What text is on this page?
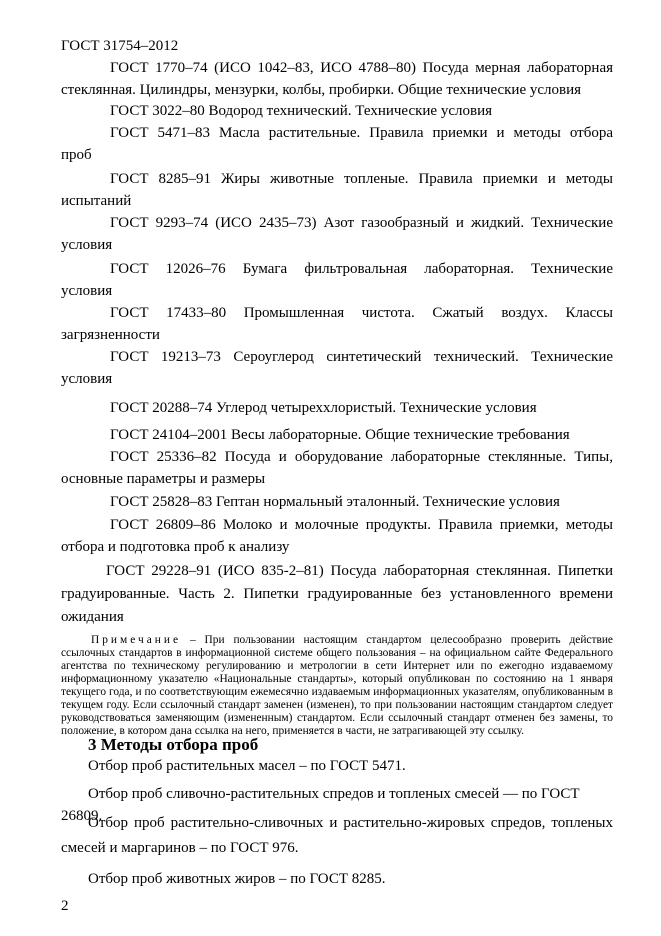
ГОСТ 31754–2012
ГОСТ 1770–74 (ИСО 1042–83, ИСО 4788–80) Посуда мерная лабораторная
стеклянная. Цилиндры, мензурки, колбы, пробирки. Общие технические условия
ГОСТ 3022–80 Водород технический. Технические условия
ГОСТ 5471–83 Масла растительные. Правила приемки и методы отбора
проб
ГОСТ 8285–91 Жиры животные топленые. Правила приемки и методы
испытаний
ГОСТ 9293–74 (ИСО 2435–73) Азот газообразный и жидкий. Технические
условия
ГОСТ 12026–76 Бумага фильтровальная лабораторная. Технические
условия
ГОСТ 17433–80 Промышленная чистота. Сжатый воздух. Классы
загрязненности
ГОСТ 19213–73 Сероуглерод синтетический технический. Технические
условия
ГОСТ 20288–74 Углерод четыреххлористый. Технические условия
ГОСТ 24104–2001 Весы лабораторные. Общие технические требования
ГОСТ 25336–82 Посуда и оборудование лабораторные стеклянные. Типы,
основные параметры и размеры
ГОСТ 25828–83 Гептан нормальный эталонный. Технические условия
ГОСТ 26809–86 Молоко и молочные продукты. Правила приемки, методы
отбора и подготовка проб к анализу
ГОСТ 29228–91 (ИСО 835-2–81) Посуда лабораторная стеклянная. Пипетки
градуированные. Часть 2. Пипетки градуированные без установленного времени
ожидания
Примечание – При пользовании настоящим стандартом целесообразно проверить действие ссылочных стандартов в информационной системе общего пользования – на официальном сайте Федерального агентства по техническому регулированию и метрологии в сети Интернет или по ежегодно издаваемому информационному указателю «Национальные стандарты», который опубликован по состоянию на 1 января текущего года, и по соответствующим ежемесячно издаваемым информационных указателям, опубликованным в текущем году. Если ссылочный стандарт заменен (изменен), то при пользовании настоящим стандартом следует руководствоваться заменяющим (измененным) стандартом. Если ссылочный стандарт отменен без замены, то положение, в котором дана ссылка на него, применяется в части, не затрагивающей эту ссылку.
3 Методы отбора проб
Отбор проб растительных масел – по ГОСТ 5471.
Отбор проб сливочно-растительных спредов и топленых смесей — по ГОСТ 26809.
Отбор проб растительно-сливочных и растительно-жировых спредов, топленых
смесей и маргаринов – по ГОСТ 976.
Отбор проб животных жиров – по ГОСТ 8285.
2
